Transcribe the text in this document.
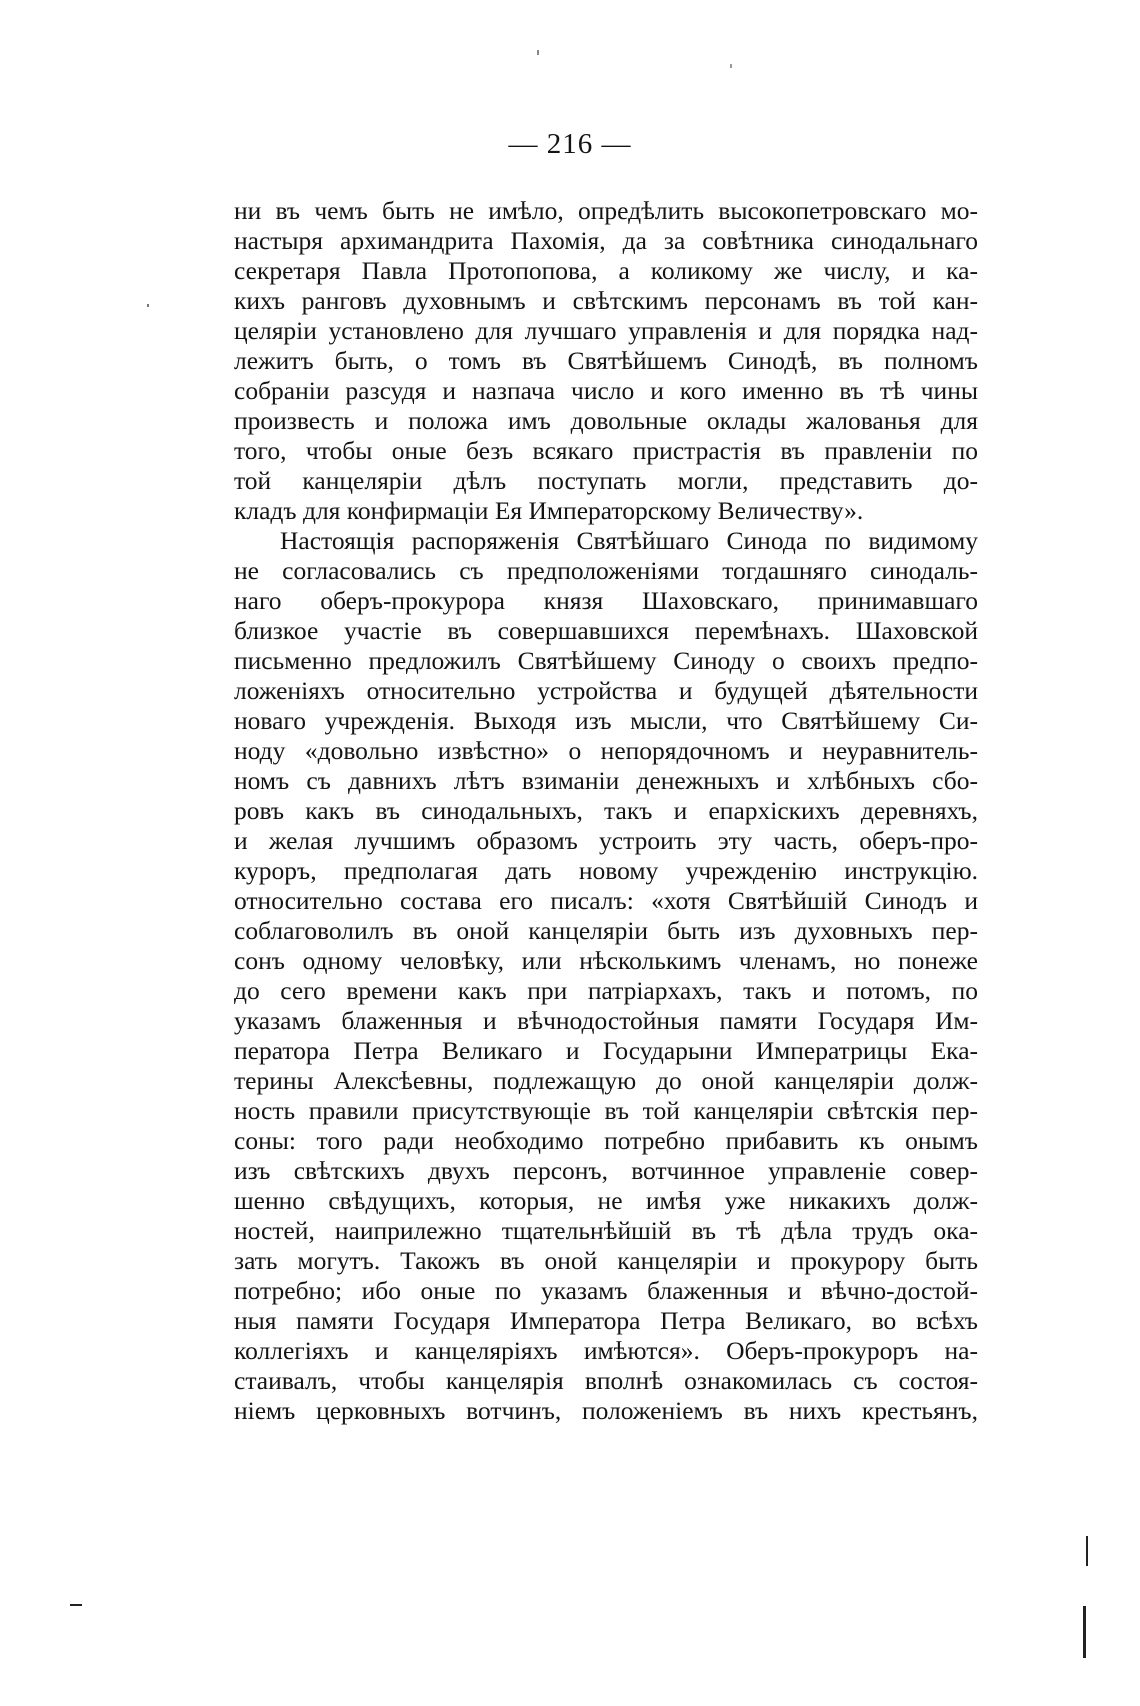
— 216 —
ни въ чемъ быть не имѣло, опредѣлить высокопетровскаго мо-
настыря архимандрита Пахомія, да за совѣтника синодальнаго
секретаря Павла Протопопова, а коликому же числу, и ка-
кихъ ранговъ духовнымъ и свѣтскимъ персонамъ въ той кан-
целяріи установлено для лучшаго управленія и для порядка над-
лежитъ быть, о томъ въ Святѣйшемъ Синодѣ, въ полномъ
собраніи разсудя и назпача число и кого именно въ тѣ чины
произвесть и положа имъ довольные оклады жалованья для
того, чтобы оные безъ всякаго пристрастія въ правленіи по
той канцеляріи дѣлъ поступать могли, представить до-
кладъ для конфирмаціи Ея Императорскому Величеству».
Настоящія распоряженія Святѣйшаго Синода по видимому
не согласовались съ предположеніями тогдашняго синодаль-
наго оберъ-прокурора князя Шаховскаго, принимавшаго
близкое участіе въ совершавшихся перемѣнахъ. Шаховской
письменно предложилъ Святѣйшему Синоду о своихъ предпо-
ложеніяхъ относительно устройства и будущей дѣятельности
новаго учрежденія. Выходя изъ мысли, что Святѣйшему Си-
ноду «довольно извѣстно» о непорядочномъ и неуравнитель-
номъ съ давнихъ лѣтъ взиманіи денежныхъ и хлѣбныхъ сбо-
ровъ какъ въ синодальныхъ, такъ и епархіскихъ деревняхъ,
и желая лучшимъ образомъ устроить эту часть, оберъ-про-
куроръ, предполагая дать новому учрежденію инструкцію.
относительно состава его писалъ: «хотя Святѣйшій Синодъ и
соблаговолилъ въ оной канцеляріи быть изъ духовныхъ пер-
сонъ одному человѣку, или нѣсколькимъ членамъ, но понеже
до сего времени какъ при патріархахъ, такъ и потомъ, по
указамъ блаженныя и вѣчнодостойныя памяти Государя Им-
ператора Петра Великаго и Государыни Императрицы Ека-
терины Алексѣевны, подлежащую до оной канцеляріи долж-
ность правили присутствующіе въ той канцеляріи свѣтскія пер-
соны: того ради необходимо потребно прибавить къ онымъ
изъ свѣтскихъ двухъ персонъ, вотчинное управленіе совер-
шенно свѣдущихъ, которыя, не имѣя уже никакихъ долж-
ностей, наиприлежно тщательнѣйшій въ тѣ дѣла трудъ ока-
зать могутъ. Такожъ въ оной канцеляріи и прокурору быть
потребно; ибо оные по указамъ блаженныя и вѣчно-достой-
ныя памяти Государя Императора Петра Великаго, во всѣхъ
коллегіяхъ и канцеляріяхъ имѣются». Оберъ-прокуроръ на-
стаивалъ, чтобы канцелярія вполнѣ ознакомилась съ состоя-
ніемъ церковныхъ вотчинъ, положеніемъ въ нихъ крестьянъ,
